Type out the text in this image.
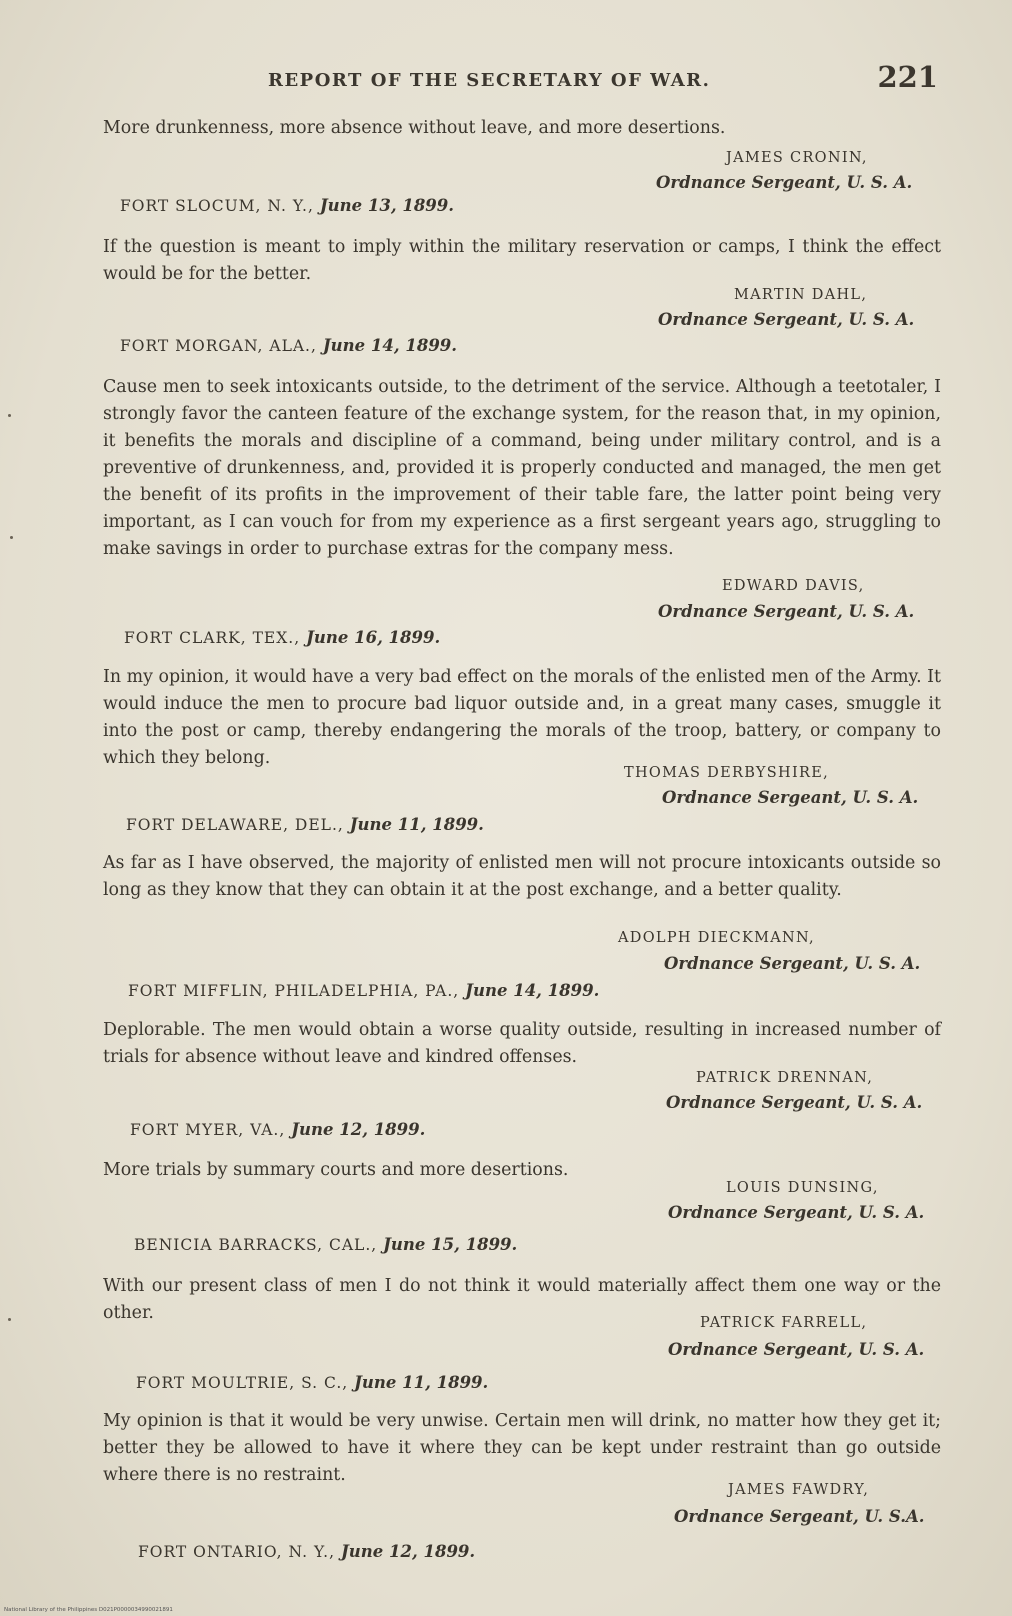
REPORT OF THE SECRETARY OF WAR.	221
More drunkenness, more absence without leave, and more desertions.
JAMES CRONIN,
Ordnance Sergeant, U. S. A.
FORT SLOCUM, N. Y., June 13, 1899.
If the question is meant to imply within the military reservation or camps, I think the effect would be for the better.
MARTIN DAHL,
Ordnance Sergeant, U. S. A.
FORT MORGAN, ALA., June 14, 1899.
Cause men to seek intoxicants outside, to the detriment of the service. Although a teetotaler, I strongly favor the canteen feature of the exchange system, for the reason that, in my opinion, it benefits the morals and discipline of a command, being under military control, and is a preventive of drunkenness, and, provided it is properly conducted and managed, the men get the benefit of its profits in the improvement of their table fare, the latter point being very important, as I can vouch for from my experience as a first sergeant years ago, struggling to make savings in order to purchase extras for the company mess.
EDWARD DAVIS,
Ordnance Sergeant, U. S. A.
FORT CLARK, TEX., June 16, 1899.
In my opinion, it would have a very bad effect on the morals of the enlisted men of the Army. It would induce the men to procure bad liquor outside and, in a great many cases, smuggle it into the post or camp, thereby endangering the morals of the troop, battery, or company to which they belong.
THOMAS DERBYSHIRE,
Ordnance Sergeant, U. S. A.
FORT DELAWARE, DEL., June 11, 1899.
As far as I have observed, the majority of enlisted men will not procure intoxicants outside so long as they know that they can obtain it at the post exchange, and a better quality.
ADOLPH DIECKMANN,
Ordnance Sergeant, U. S. A.
FORT MIFFLIN, PHILADELPHIA, PA., June 14, 1899.
Deplorable. The men would obtain a worse quality outside, resulting in increased number of trials for absence without leave and kindred offenses.
PATRICK DRENNAN,
Ordnance Sergeant, U. S. A.
FORT MYER, VA., June 12, 1899.
More trials by summary courts and more desertions.
LOUIS DUNSING,
Ordnance Sergeant, U. S. A.
BENICIA BARRACKS, CAL., June 15, 1899.
With our present class of men I do not think it would materially affect them one way or the other.	PATRICK FARRELL,
Ordnance Sergeant, U. S. A.
FORT MOULTRIE, S. C., June 11, 1899.
My opinion is that it would be very unwise. Certain men will drink, no matter how they get it; better they be allowed to have it where they can be kept under restraint than go outside where there is no restraint.
JAMES FAWDRY,
Ordnance Sergeant, U. S.A.
FORT ONTARIO, N. Y., June 12, 1899.
National Library of the Philippines D021P0000034990021891
